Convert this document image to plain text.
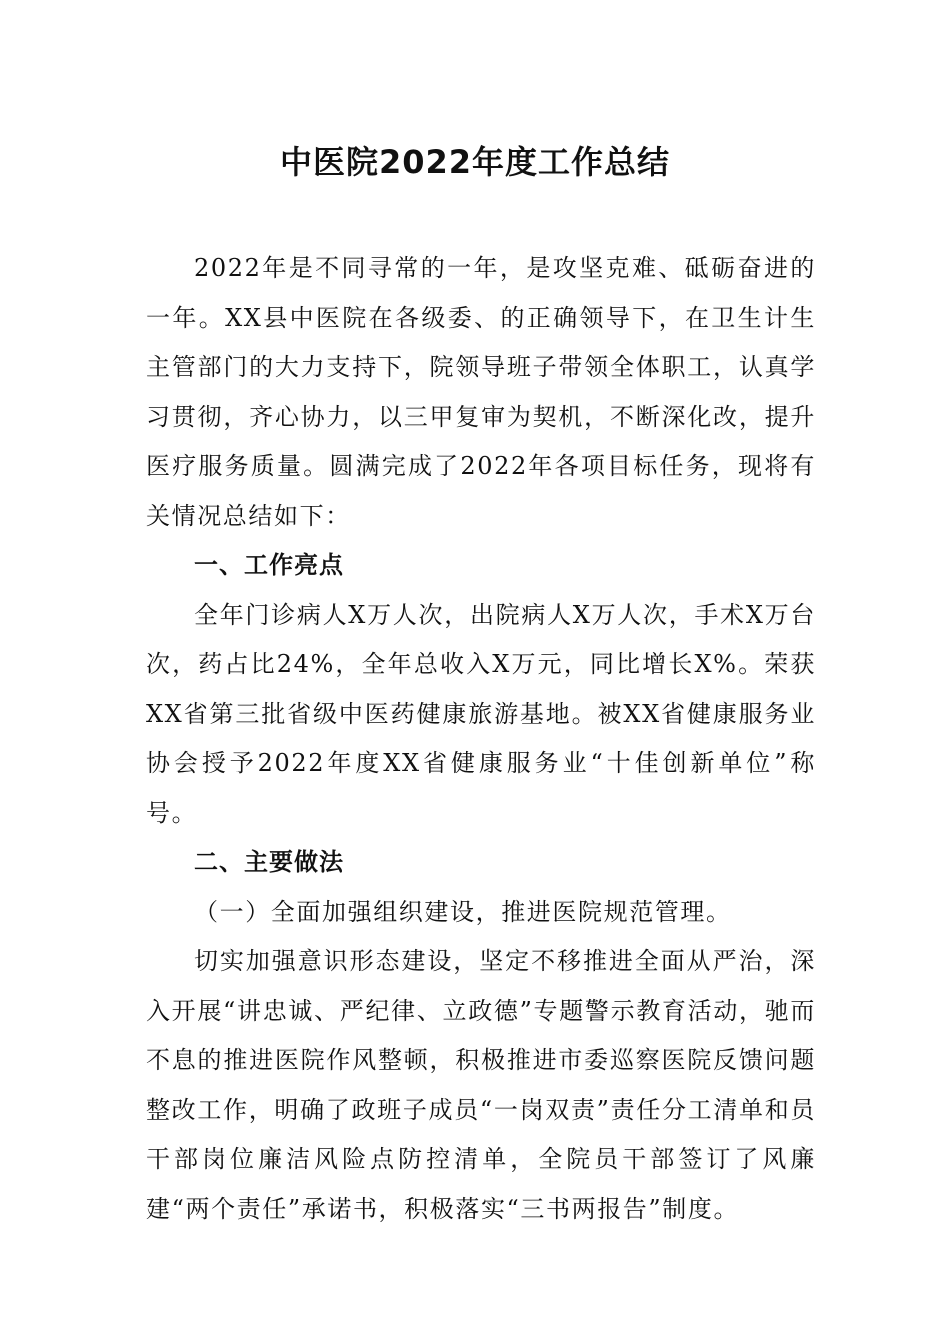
中医院2022年度工作总结

2022年是不同寻常的一年，是攻坚克难、砥砺奋进的一年。XX县中医院在各级委、的正确领导下，在卫生计生主管部门的大力支持下，院领导班子带领全体职工，认真学习贯彻，齐心协力，以三甲复审为契机，不断深化改，提升医疗服务质量。圆满完成了2022年各项目标任务，现将有关情况总结如下：

一、工作亮点

全年门诊病人X万人次，出院病人X万人次，手术X万台次，药占比24%，全年总收入X万元，同比增长X%。荣获XX省第三批省级中医药健康旅游基地。被XX省健康服务业协会授予2022年度XX省健康服务业“十佳创新单位”称号。

二、主要做法

（一）全面加强组织建设，推进医院规范管理。

切实加强意识形态建设，坚定不移推进全面从严治，深入开展“讲忠诚、严纪律、立政德”专题警示教育活动，驰而不息的推进医院作风整顿，积极推进市委巡察医院反馈问题整改工作，明确了政班子成员“一岗双责”责任分工清单和员干部岗位廉洁风险点防控清单，全院员干部签订了风廉建“两个责任”承诺书，积极落实“三书两报告”制度。
